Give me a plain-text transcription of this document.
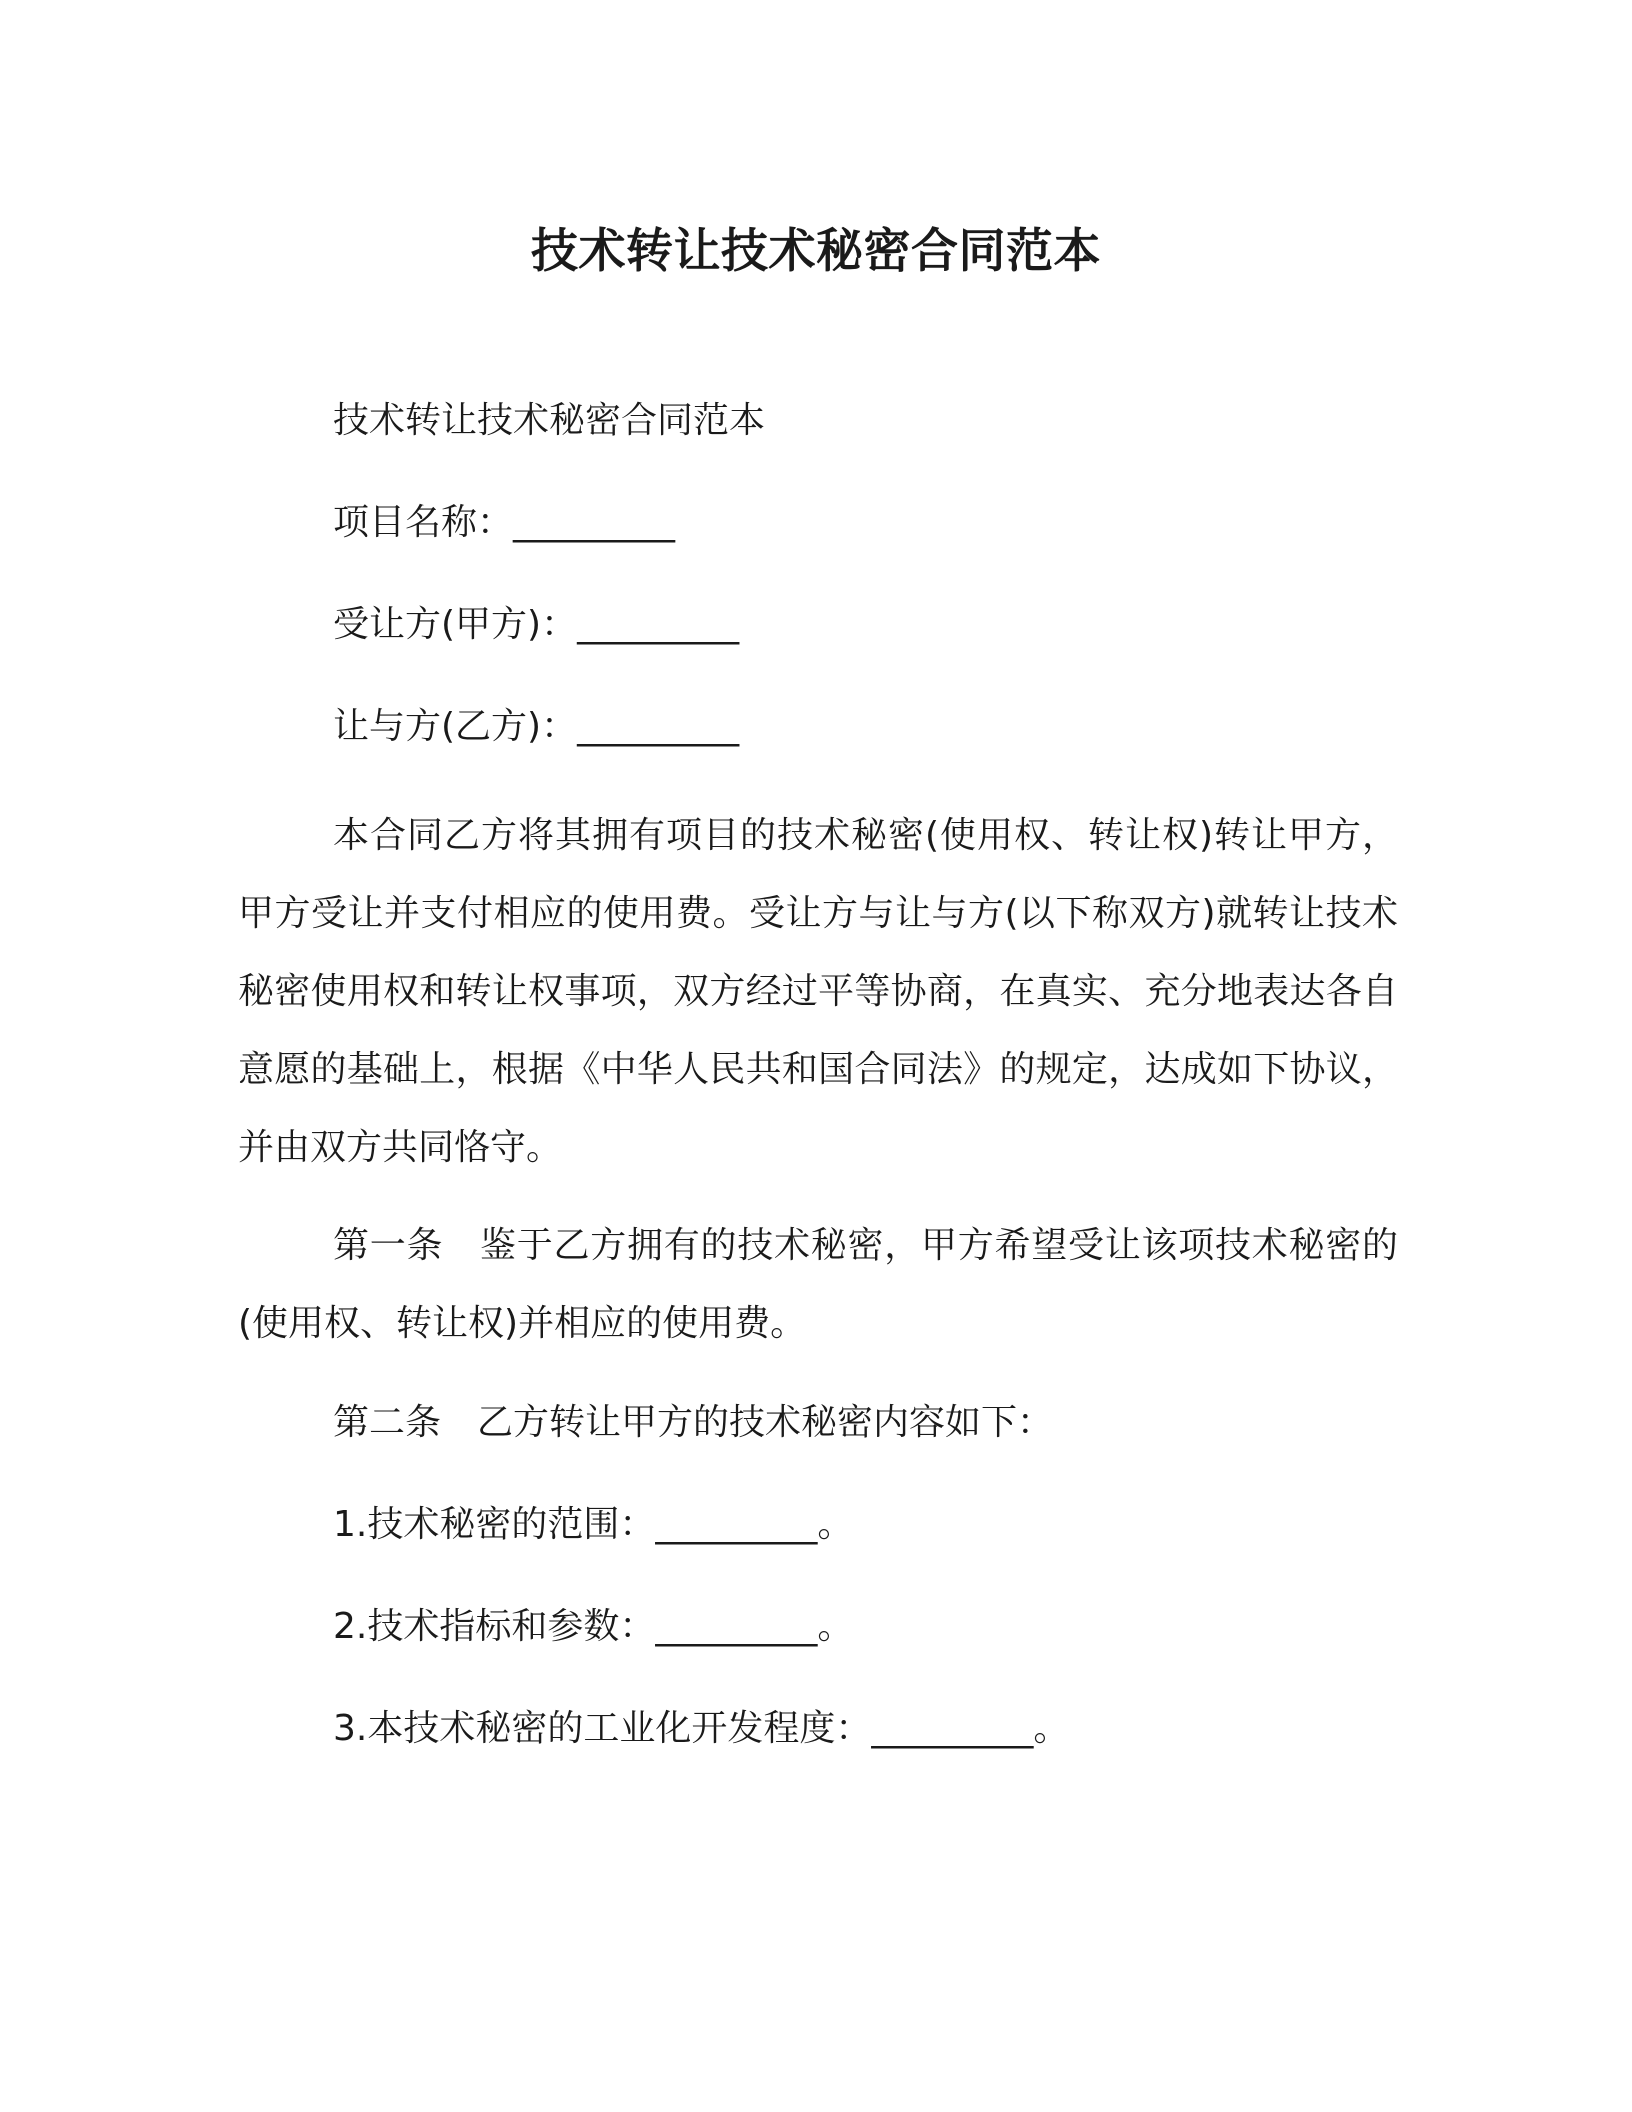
技术转让技术秘密合同范本
技术转让技术秘密合同范本
项目名称：_________
受让方(甲方)：_________
让与方(乙方)：_________
本合同乙方将其拥有项目的技术秘密(使用权、转让权)转让甲方，甲方受让并支付相应的使用费。受让方与让与方(以下称双方)就转让技术秘密使用权和转让权事项，双方经过平等协商，在真实、充分地表达各自意愿的基础上，根据《中华人民共和国合同法》的规定，达成如下协议，并由双方共同恪守。
第一条　鉴于乙方拥有的技术秘密，甲方希望受让该项技术秘密的(使用权、转让权)并相应的使用费。
第二条　乙方转让甲方的技术秘密内容如下：
1.技术秘密的范围：_________。
2.技术指标和参数：_________。
3.本技术秘密的工业化开发程度：_________。
